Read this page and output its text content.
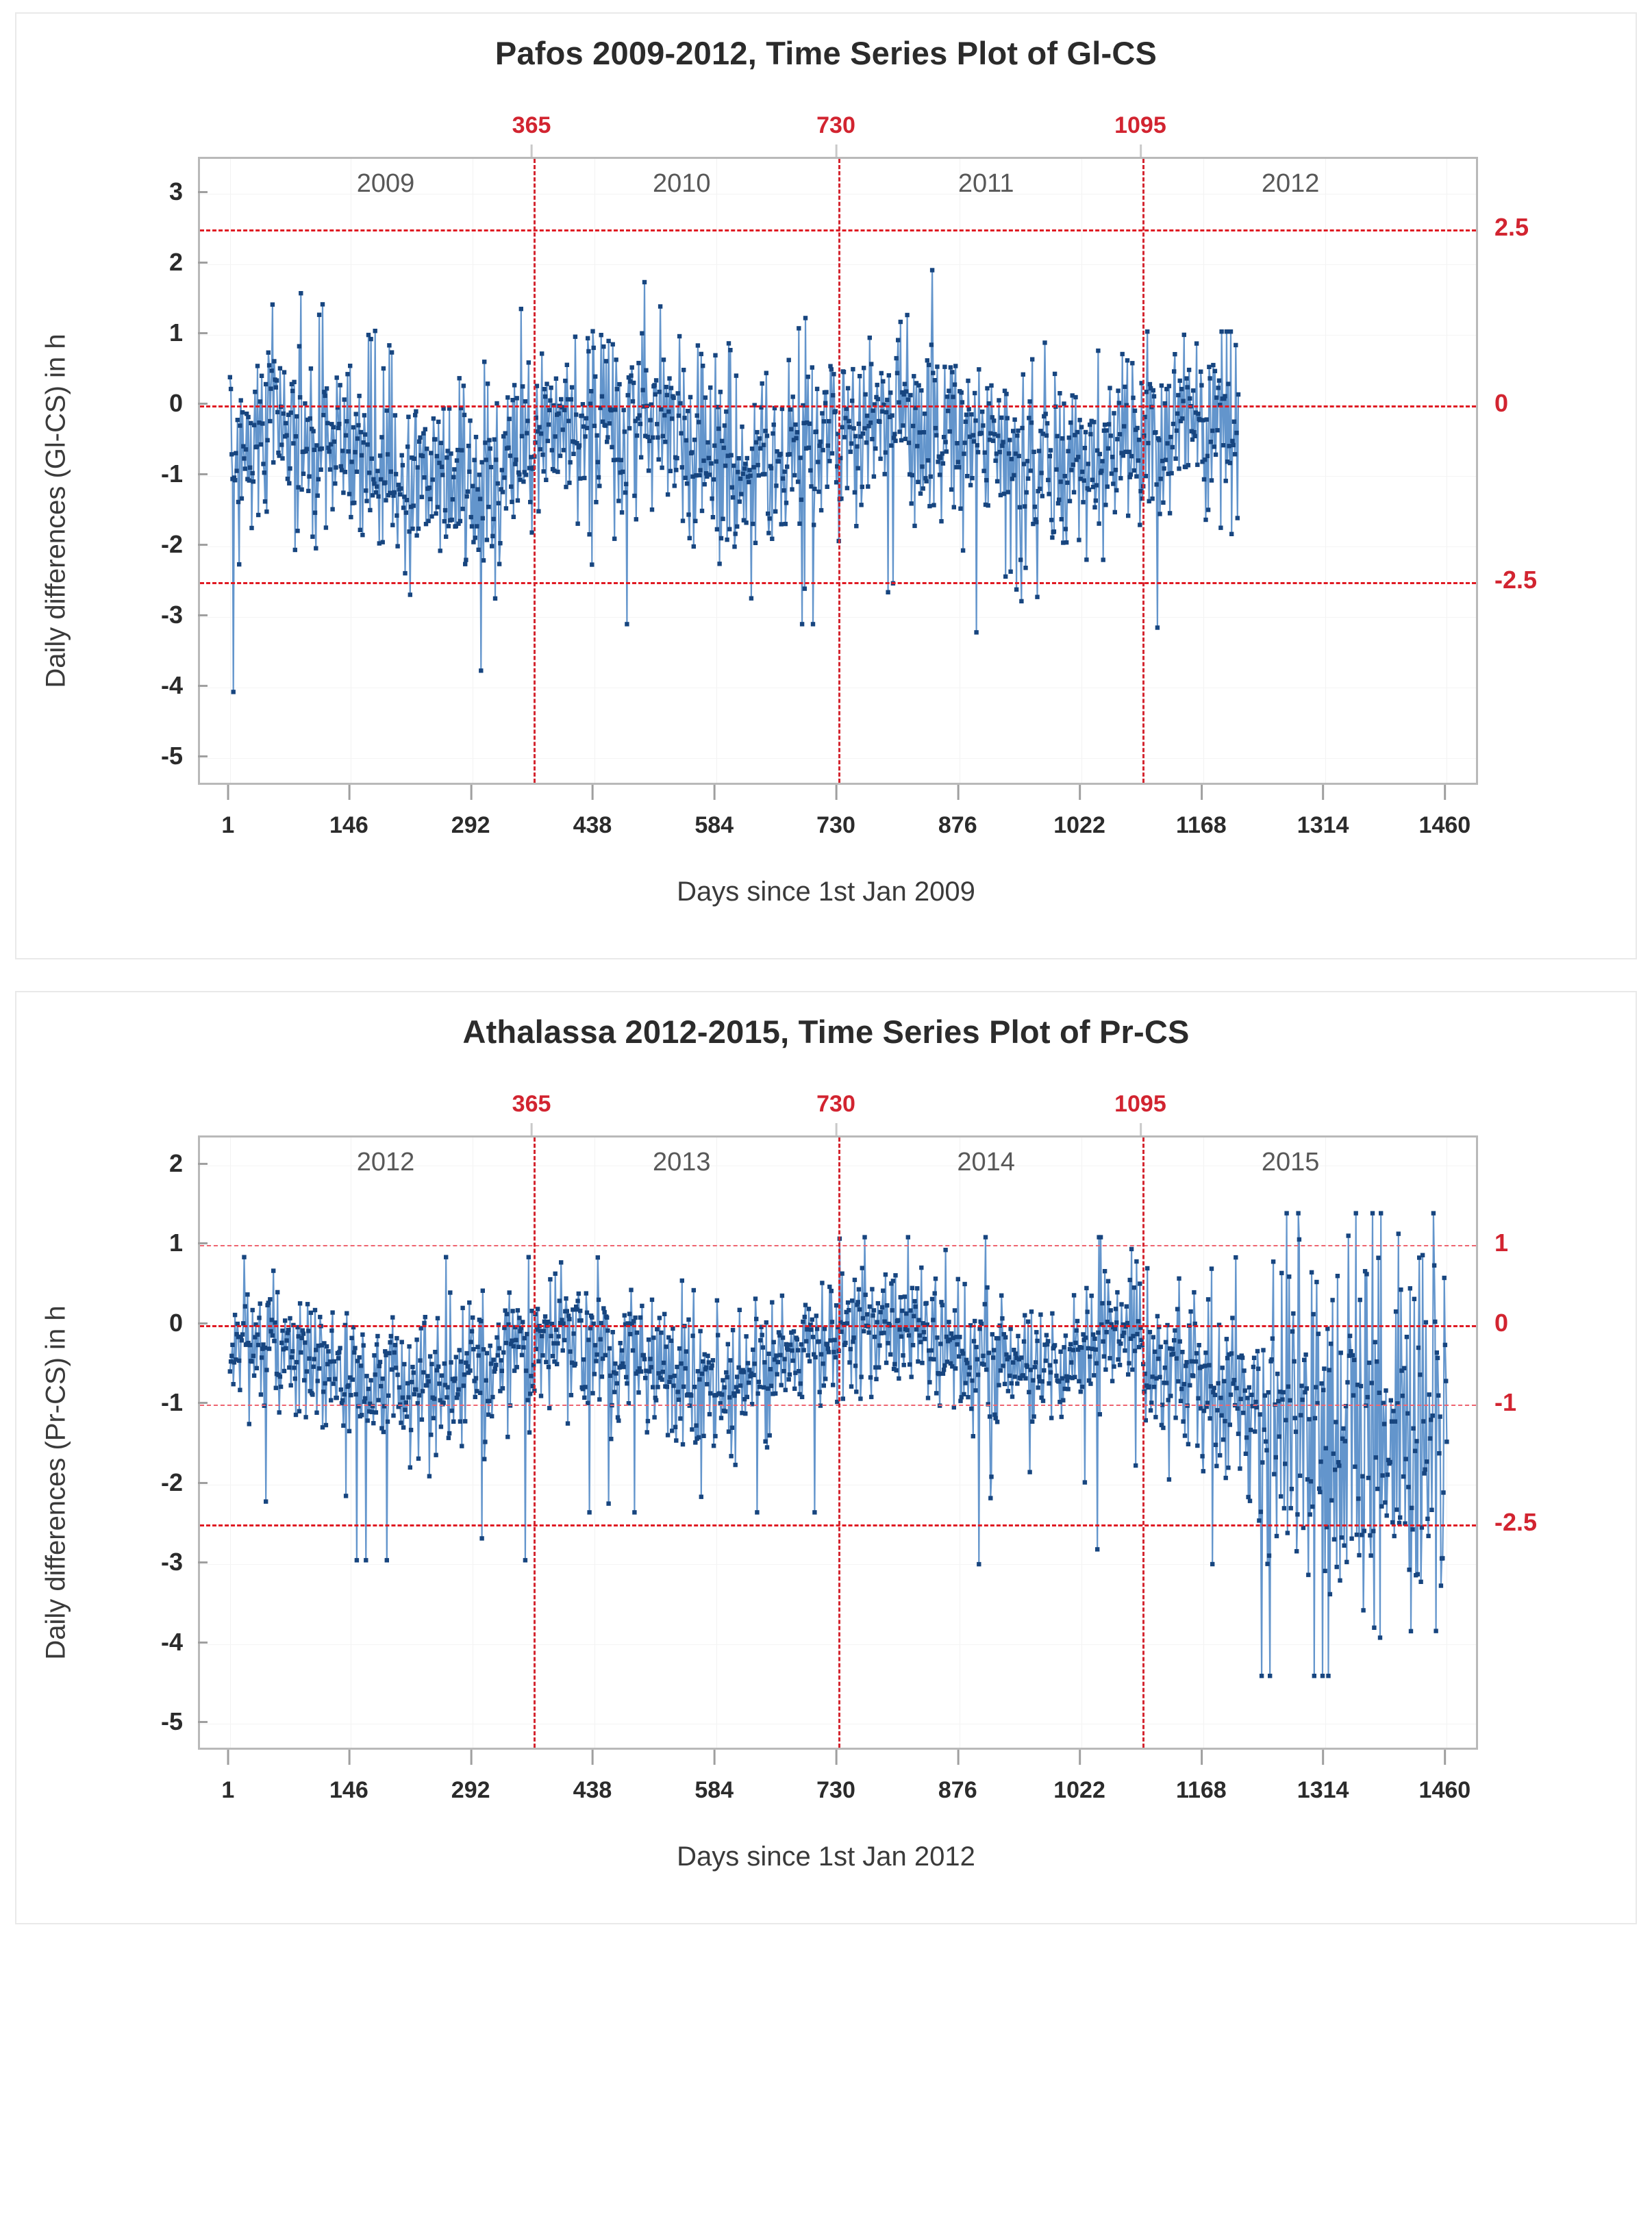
Pafos 2009-2012, Time Series Plot of Gl-CS
Daily differences (Gl-CS) in h
Days since 1st Jan 2009
3
2
1
0
-1
-2
-3
-4
-5
2.5
0
-2.5
1	146	292	438	584	730	876	1022	1168	1314	1460
365	730	1095
2009	2010	2011	2012
Athalassa 2012-2015, Time Series Plot of Pr-CS
Daily differences (Pr-CS) in h
Days since 1st Jan 2012
2
1
0
-1
-2
-3
-4
-5
1
0
-1
-2.5
1	146	292	438	584	730	876	1022	1168	1314	1460
365	730	1095
2012	2013	2014	2015
